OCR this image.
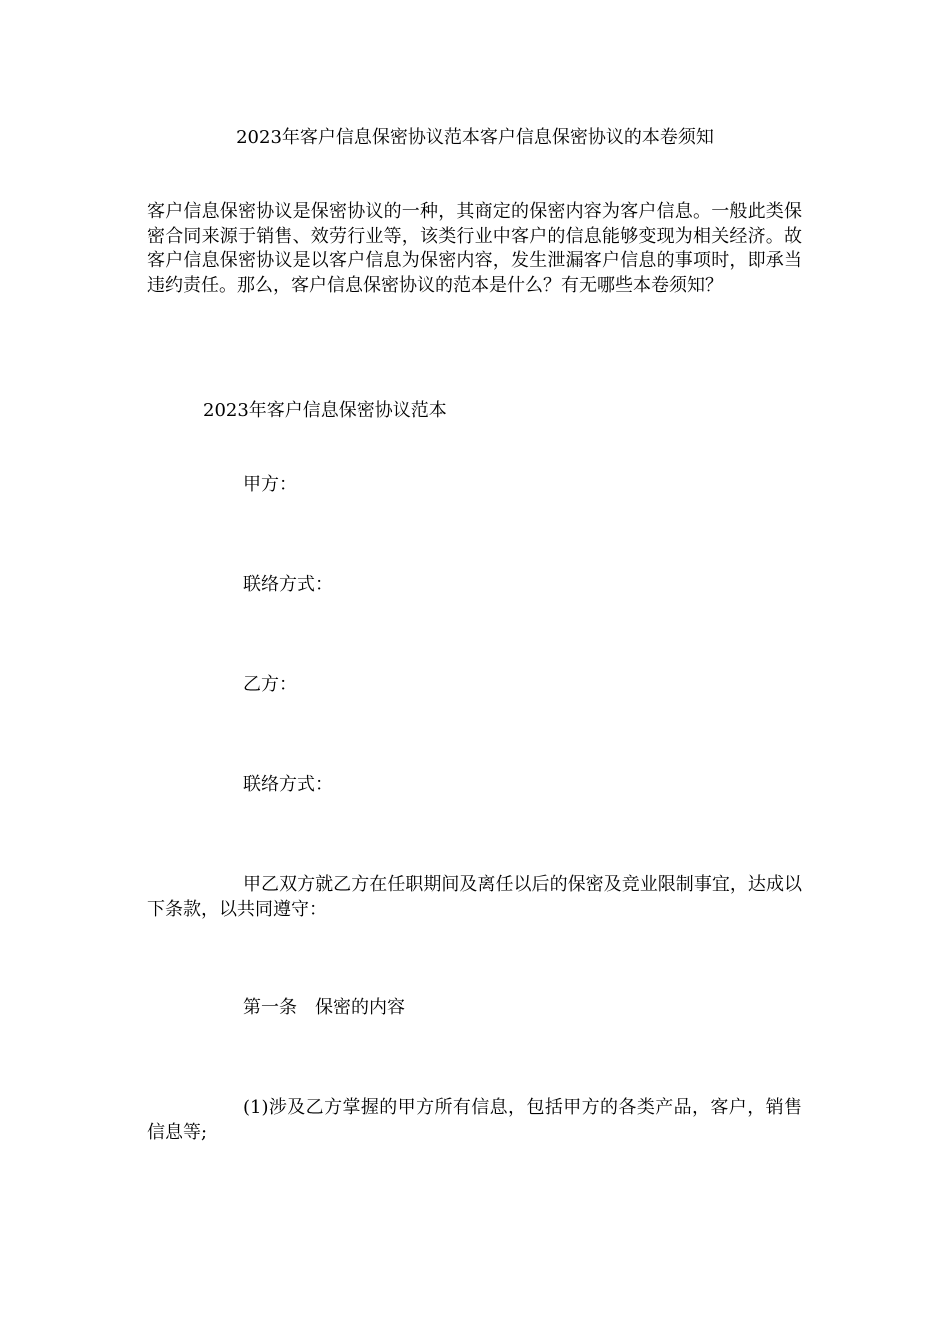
2023年客户信息保密协议范本客户信息保密协议的本卷须知
客户信息保密协议是保密协议的一种，其商定的保密内容为客户信息。一般此类保密合同来源于销售、效劳行业等，该类行业中客户的信息能够变现为相关经济。故客户信息保密协议是以客户信息为保密内容，发生泄漏客户信息的事项时，即承当违约责任。那么，客户信息保密协议的范本是什么？有无哪些本卷须知？
2023年客户信息保密协议范本
甲方：
联络方式：
乙方：
联络方式：
甲乙双方就乙方在任职期间及离任以后的保密及竞业限制事宜，达成以下条款，以共同遵守：
第一条　保密的内容
(1)涉及乙方掌握的甲方所有信息，包括甲方的各类产品，客户，销售信息等;
